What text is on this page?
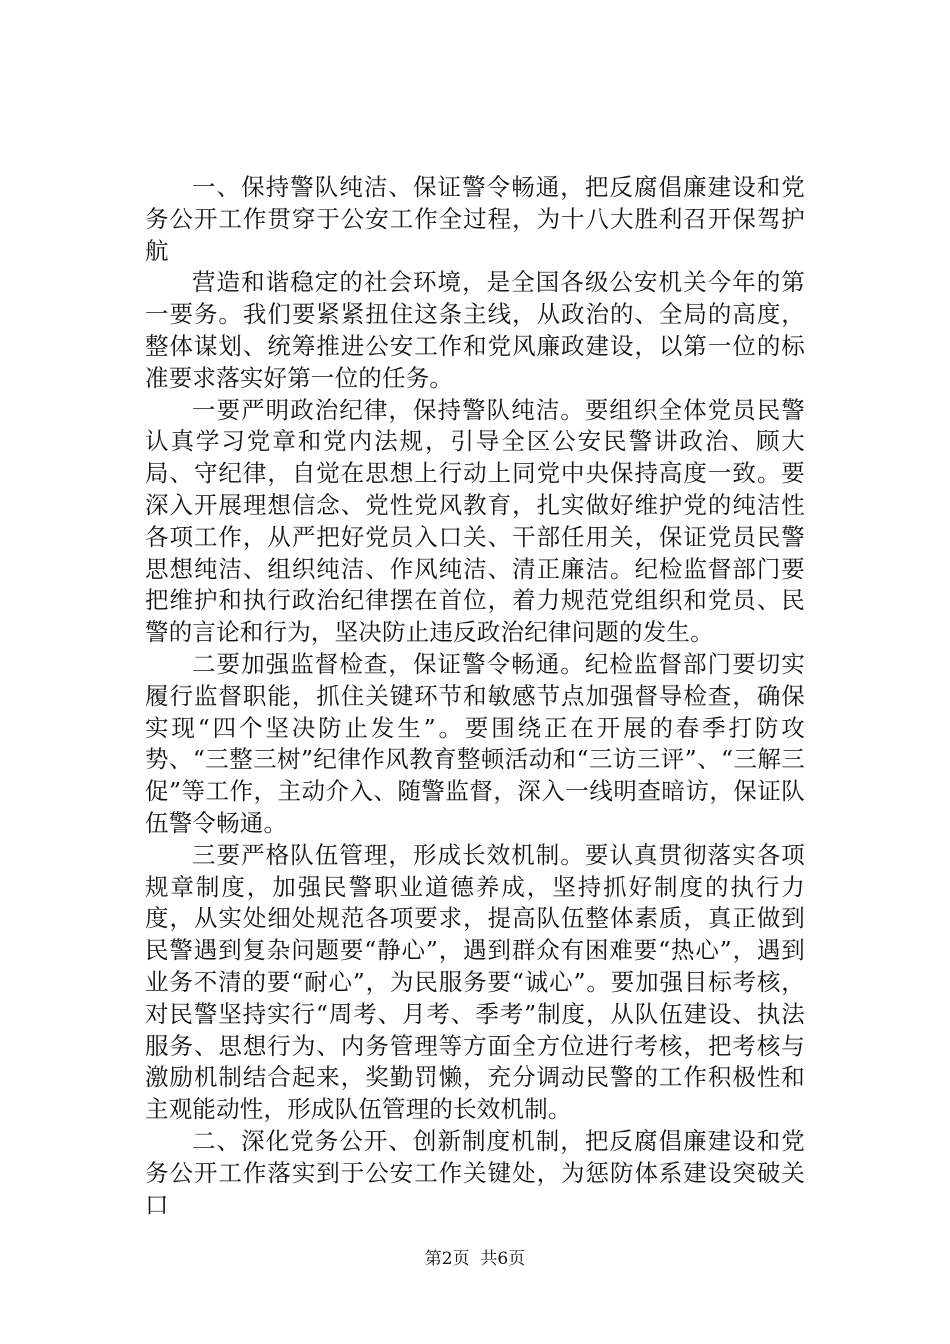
一、保持警队纯洁、保证警令畅通，把反腐倡廉建设和党务公开工作贯穿于公安工作全过程，为十八大胜利召开保驾护航

营造和谐稳定的社会环境，是全国各级公安机关今年的第一要务。我们要紧紧扭住这条主线，从政治的、全局的高度，整体谋划、统筹推进公安工作和党风廉政建设，以第一位的标准要求落实好第一位的任务。

一要严明政治纪律，保持警队纯洁。要组织全体党员民警认真学习党章和党内法规，引导全区公安民警讲政治、顾大局、守纪律，自觉在思想上行动上同党中央保持高度一致。要深入开展理想信念、党性党风教育，扎实做好维护党的纯洁性各项工作，从严把好党员入口关、干部任用关，保证党员民警思想纯洁、组织纯洁、作风纯洁、清正廉洁。纪检监督部门要把维护和执行政治纪律摆在首位，着力规范党组织和党员、民警的言论和行为，坚决防止违反政治纪律问题的发生。

二要加强监督检查，保证警令畅通。纪检监督部门要切实履行监督职能，抓住关键环节和敏感节点加强督导检查，确保实现“四个坚决防止发生”。要围绕正在开展的春季打防攻势、“三整三树”纪律作风教育整顿活动和“三访三评”、“三解三促”等工作，主动介入、随警监督，深入一线明查暗访，保证队伍警令畅通。

三要严格队伍管理，形成长效机制。要认真贯彻落实各项规章制度，加强民警职业道德养成，坚持抓好制度的执行力度，从实处细处规范各项要求，提高队伍整体素质，真正做到民警遇到复杂问题要“静心”，遇到群众有困难要“热心”，遇到业务不清的要“耐心”，为民服务要“诚心”。要加强目标考核，对民警坚持实行“周考、月考、季考”制度，从队伍建设、执法服务、思想行为、内务管理等方面全方位进行考核，把考核与激励机制结合起来，奖勤罚懒，充分调动民警的工作积极性和主观能动性，形成队伍管理的长效机制。

二、深化党务公开、创新制度机制，把反腐倡廉建设和党务公开工作落实到于公安工作关键处，为惩防体系建设突破关口

第2页  共6页
